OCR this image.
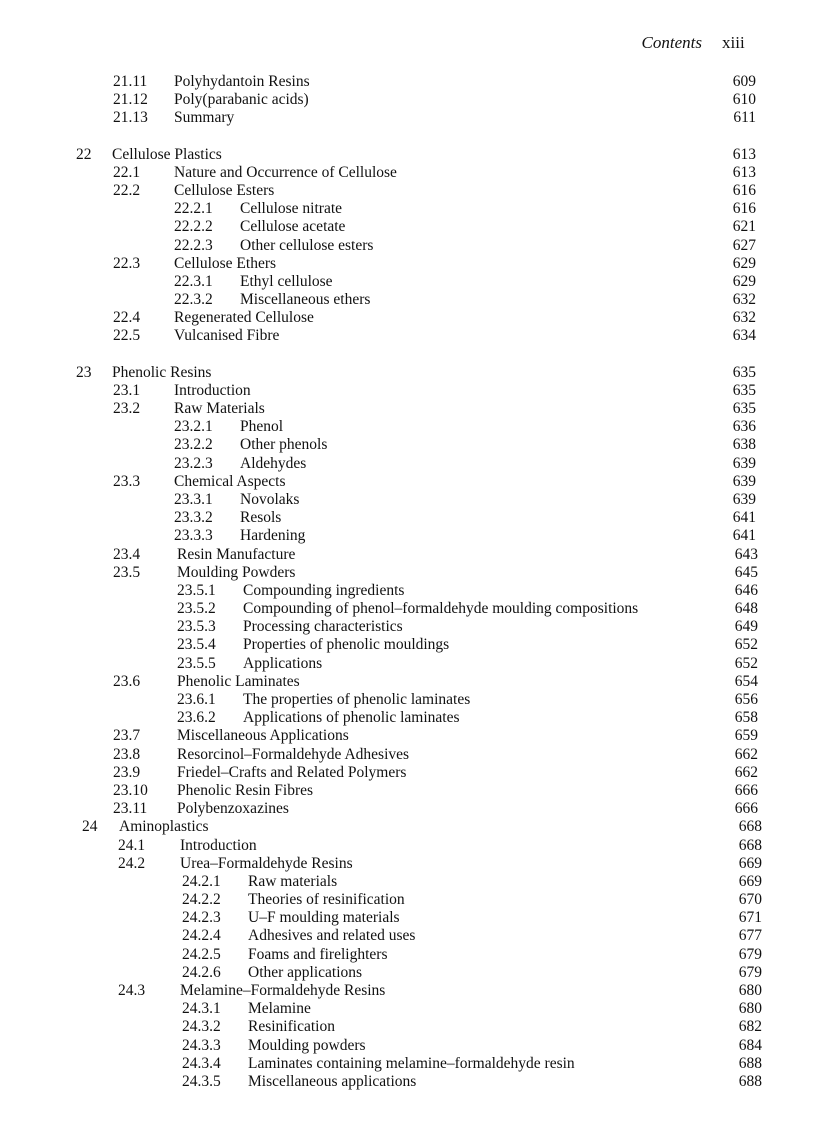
Contents xiii
21.11 Polyhydantoin Resins	609
21.12 Poly(parabanic acids)	610
21.13 Summary	611
22 Cellulose Plastics	613
22.1 Nature and Occurrence of Cellulose	613
22.2 Cellulose Esters	616
22.2.1 Cellulose nitrate	616
22.2.2 Cellulose acetate	621
22.2.3 Other cellulose esters	627
22.3 Cellulose Ethers	629
22.3.1 Ethyl cellulose	629
22.3.2 Miscellaneous ethers	632
22.4 Regenerated Cellulose	632
22.5 Vulcanised Fibre	634
23 Phenolic Resins	635
23.1 Introduction	635
23.2 Raw Materials	635
23.2.1 Phenol	636
23.2.2 Other phenols	638
23.2.3 Aldehydes	639
23.3 Chemical Aspects	639
23.3.1 Novolaks	639
23.3.2 Resols	641
23.3.3 Hardening	641
23.4 Resin Manufacture	643
23.5 Moulding Powders	645
23.5.1 Compounding ingredients	646
23.5.2 Compounding of phenol–formaldehyde moulding compositions	648
23.5.3 Processing characteristics	649
23.5.4 Properties of phenolic mouldings	652
23.5.5 Applications	652
23.6 Phenolic Laminates	654
23.6.1 The properties of phenolic laminates	656
23.6.2 Applications of phenolic laminates	658
23.7 Miscellaneous Applications	659
23.8 Resorcinol–Formaldehyde Adhesives	662
23.9 Friedel–Crafts and Related Polymers	662
23.10 Phenolic Resin Fibres	666
23.11 Polybenzoxazines	666
24 Aminoplastics	668
24.1 Introduction	668
24.2 Urea–Formaldehyde Resins	669
24.2.1 Raw materials	669
24.2.2 Theories of resinification	670
24.2.3 U–F moulding materials	671
24.2.4 Adhesives and related uses	677
24.2.5 Foams and firelighters	679
24.2.6 Other applications	679
24.3 Melamine–Formaldehyde Resins	680
24.3.1 Melamine	680
24.3.2 Resinification	682
24.3.3 Moulding powders	684
24.3.4 Laminates containing melamine–formaldehyde resin	688
24.3.5 Miscellaneous applications	688
